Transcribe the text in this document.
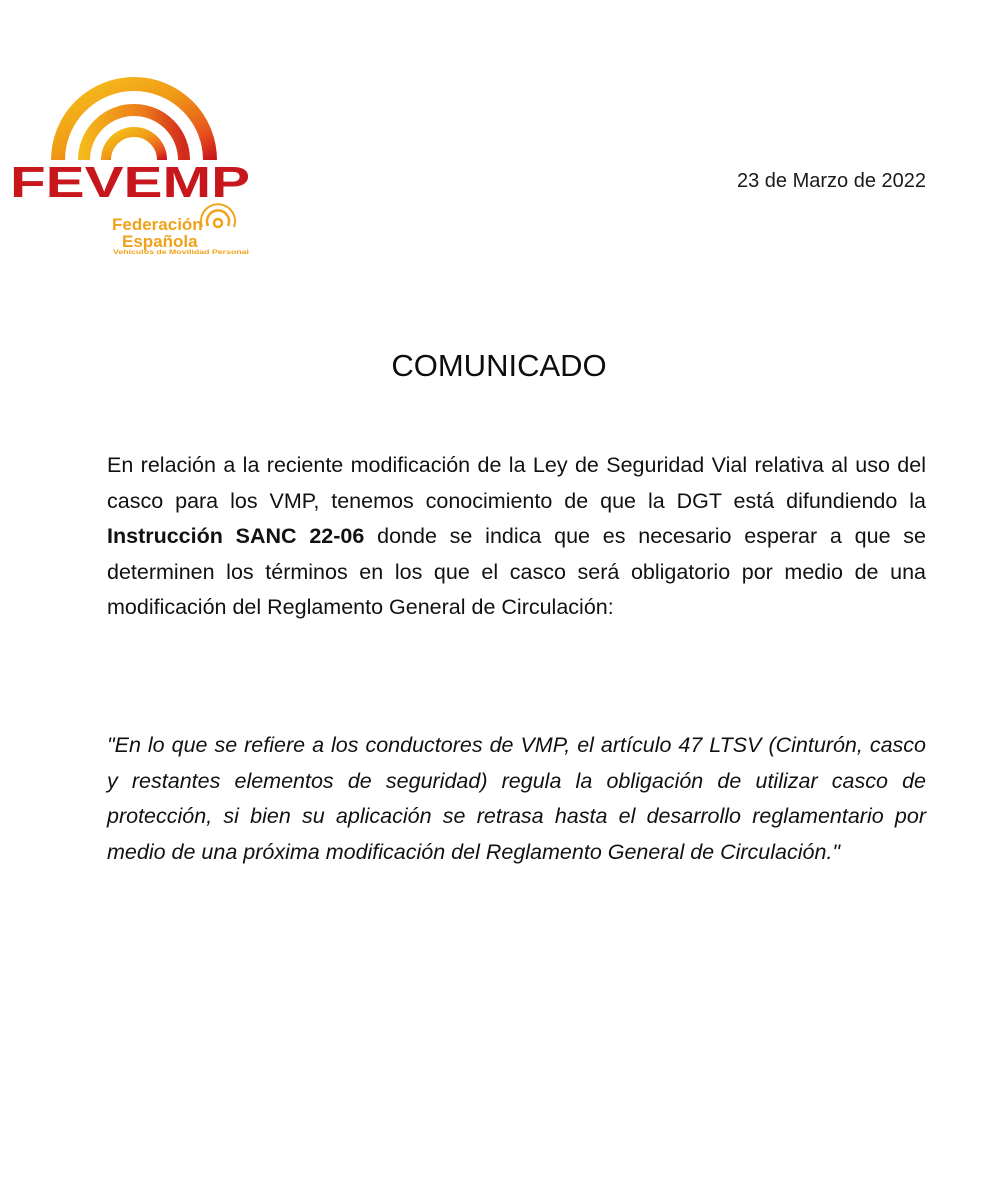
FEVEMP
Federación
Española
Vehículos de Movilidad Personal
23 de Marzo de 2022
COMUNICADO

En relación a la reciente modificación de la Ley de Seguridad Vial relativa al uso del casco para los VMP, tenemos conocimiento de que la DGT está difundiendo la Instrucción SANC 22-06 donde se indica que es necesario esperar a que se determinen los términos en los que el casco será obligatorio por medio de una modificación del Reglamento General de Circulación:

"En lo que se refiere a los conductores de VMP, el artículo 47 LTSV (Cinturón, casco y restantes elementos de seguridad) regula la obligación de utilizar casco de protección, si bien su aplicación se retrasa hasta el desarrollo reglamentario por medio de una próxima modificación del Reglamento General de Circulación."
